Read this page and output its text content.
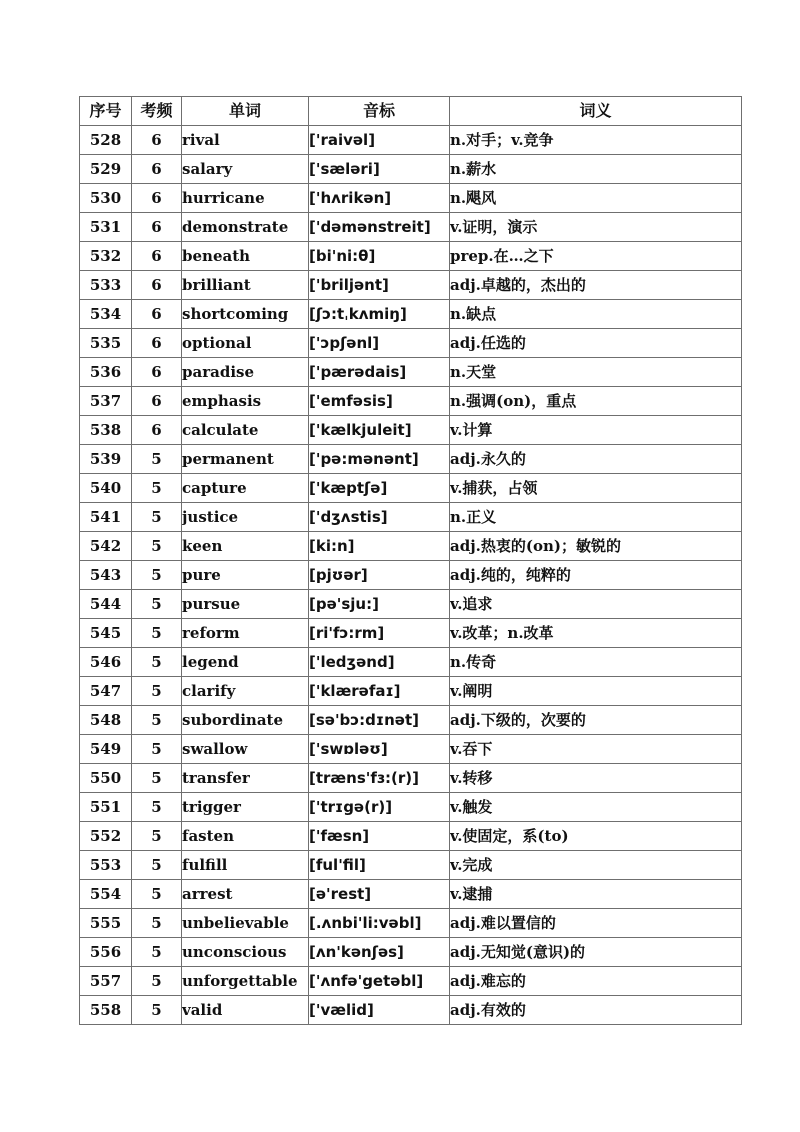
序号	考频	单词	音标	词义
528	6	rival	['raivəl]	n.对手；v.竞争
529	6	salary	['sæləri]	n.薪水
530	6	hurricane	['hʌrikən]	n.飓风
531	6	demonstrate	['dəmənstreit]	v.证明，演示
532	6	beneath	[bi'ni:θ]	prep.在…之下
533	6	brilliant	['briljənt]	adj.卓越的，杰出的
534	6	shortcoming	[ʃɔ:tˌkʌmiŋ]	n.缺点
535	6	optional	['ɔpʃənl]	adj.任选的
536	6	paradise	['pærədais]	n.天堂
537	6	emphasis	['emfəsis]	n.强调(on)，重点
538	6	calculate	['kælkjuleit]	v.计算
539	5	permanent	['pə:mənənt]	adj.永久的
540	5	capture	['kæptʃə]	v.捕获，占领
541	5	justice	['dʒʌstis]	n.正义
542	5	keen	[ki:n]	adj.热衷的(on)；敏锐的
543	5	pure	[pjʊər]	adj.纯的，纯粹的
544	5	pursue	[pə'sju:]	v.追求
545	5	reform	[ri'fɔ:rm]	v.改革；n.改革
546	5	legend	['ledʒənd]	n.传奇
547	5	clarify	['klærəfaɪ]	v.阐明
548	5	subordinate	[sə'bɔ:dɪnət]	adj.下级的，次要的
549	5	swallow	['swɒləʊ]	v.吞下
550	5	transfer	[træns'fɜ:(r)]	v.转移
551	5	trigger	['trɪgə(r)]	v.触发
552	5	fasten	['fæsn]	v.使固定，系(to)
553	5	fulfill	[ful'fil]	v.完成
554	5	arrest	[ə'rest]	v.逮捕
555	5	unbelievable	[.ʌnbi'li:vəbl]	adj.难以置信的
556	5	unconscious	[ʌn'kənʃəs]	adj.无知觉(意识)的
557	5	unforgettable	['ʌnfə'getəbl]	adj.难忘的
558	5	valid	['vælid]	adj.有效的
